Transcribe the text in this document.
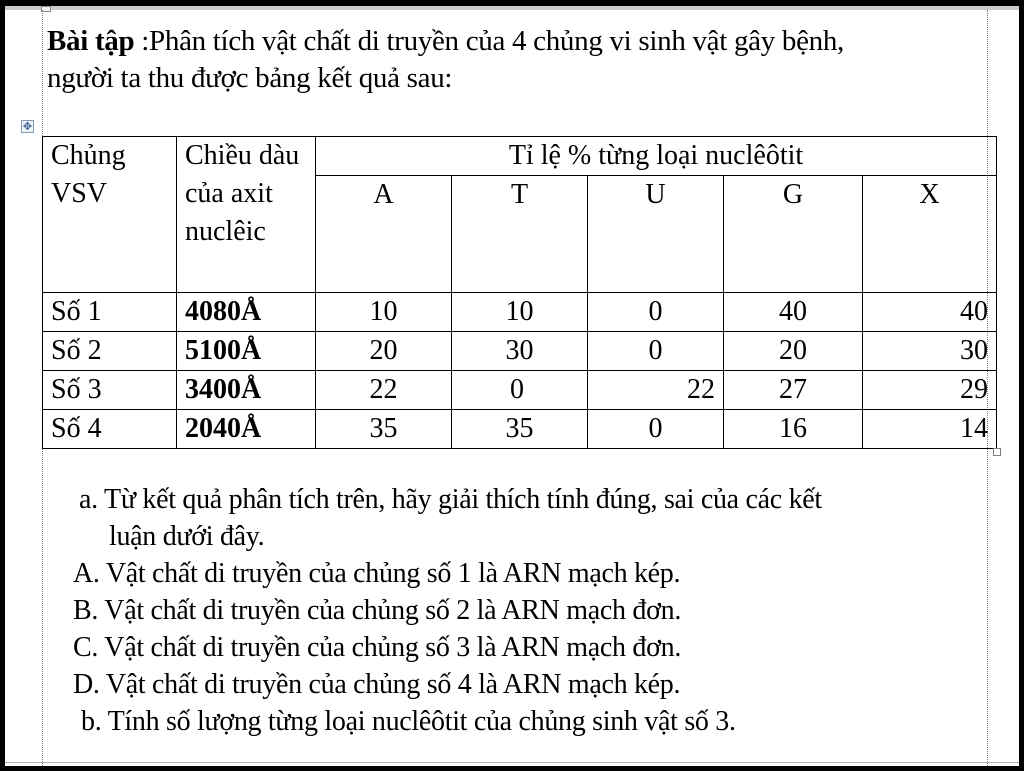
Bài tập :Phân tích vật chất di truyền của 4 chủng vi sinh vật gây bệnh,
người ta thu được bảng kết quả sau:
✥
Chủng VSV	Chiều dàu của axit nuclêic	Tỉ lệ % từng loại nuclêôtit				
		A	T	U	G	X
Số 1	4080Å	10	10	0	40	40
Số 2	5100Å	20	30	0	20	30
Số 3	3400Å	22	0	22	27	29
Số 4	2040Å	35	35	0	16	14
a. Từ kết quả phân tích trên, hãy giải thích tính đúng, sai của các kết
luận dưới đây.
A. Vật chất di truyền của chủng số 1 là ARN mạch kép.
B. Vật chất di truyền của chủng số 2 là ARN mạch đơn.
C. Vật chất di truyền của chủng số 3 là ARN mạch đơn.
D. Vật chất di truyền của chủng số 4 là ARN mạch kép.
b. Tính số lượng từng loại nuclêôtit của chủng sinh vật số 3.
